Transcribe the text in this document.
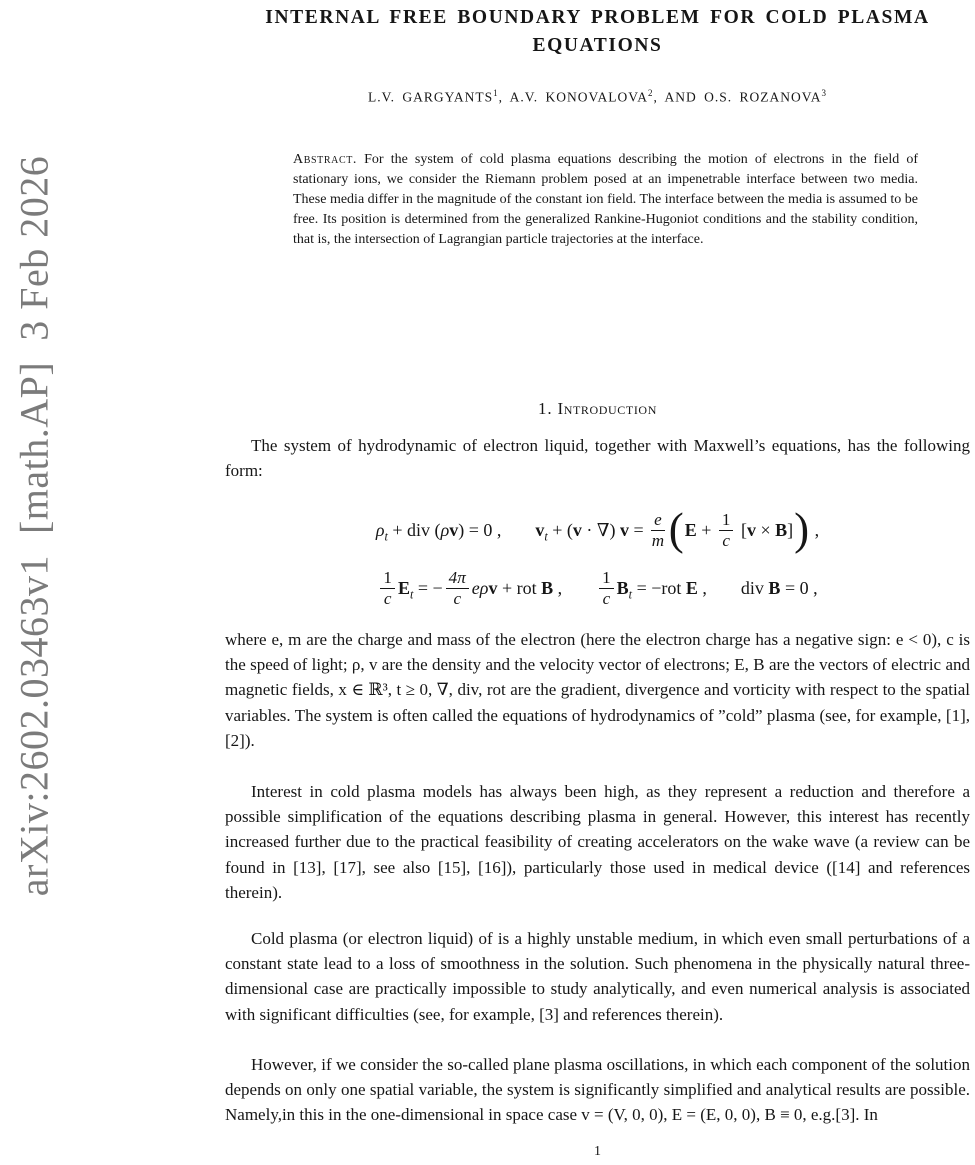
arXiv:2602.03463v1  [math.AP]  3 Feb 2026
INTERNAL FREE BOUNDARY PROBLEM FOR COLD PLASMA
EQUATIONS
L.V. GARGYANTS$^1$, A.V. KONOVALOVA$^2$, AND O.S. ROZANOVA$^3$
Abstract. For the system of cold plasma equations describing the motion of electrons in the field of stationary ions, we consider the Riemann problem posed at an impenetrable interface between two media. These media differ in the magnitude of the constant ion field. The interface between the media is assumed to be free. Its position is determined from the generalized Rankine-Hugoniot conditions and the stability condition, that is, the intersection of Lagrangian particle trajectories at the interface.
1. Introduction
The system of hydrodynamic of electron liquid, together with Maxwell’s equations, has the following form:
$\rho_t$ + div (ρv) = 0 , $v_t + (v$ · ∇) $v = \frac{e}{m} (E + \frac{1}{c} [v \times B])$ ,
$\frac{1}{c} E_t$ = − $\frac{4\pi}{c}$ eρv + rot B , $\frac{1}{c} B_t = -rot$ E , div B = 0 ,
where e, m are the charge and mass of the electron (here the electron charge has a negative sign: e < 0), c is the speed of light; ρ, v are the density and the velocity vector of electrons; E, B are the vectors of electric and magnetic fields, x ∈ ℝ³, t ≥ 0, ∇, div, rot are the gradient, divergence and vorticity with respect to the spatial variables. The system is often called the equations of hydrodynamics of ”cold” plasma (see, for example, [1], [2]).
Interest in cold plasma models has always been high, as they represent a reduction and therefore a possible simplification of the equations describing plasma in general. However, this interest has recently increased further due to the practical feasibility of creating accelerators on the wake wave (a review can be found in [13], [17], see also [15], [16]), particularly those used in medical device ([14] and references therein).
Cold plasma (or electron liquid) of is a highly unstable medium, in which even small perturbations of a constant state lead to a loss of smoothness in the solution. Such phenomena in the physically natural three-dimensional case are practically impossible to study analytically, and even numerical analysis is associated with significant difficulties (see, for example, [3] and references therein).
However, if we consider the so-called plane plasma oscillations, in which each component of the solution depends on only one spatial variable, the system is significantly simplified and analytical results are possible. Namely,in this in the one-dimensional in space case v = (V, 0, 0), E = (E, 0, 0), B ≡ 0, e.g.[3]. In
1
